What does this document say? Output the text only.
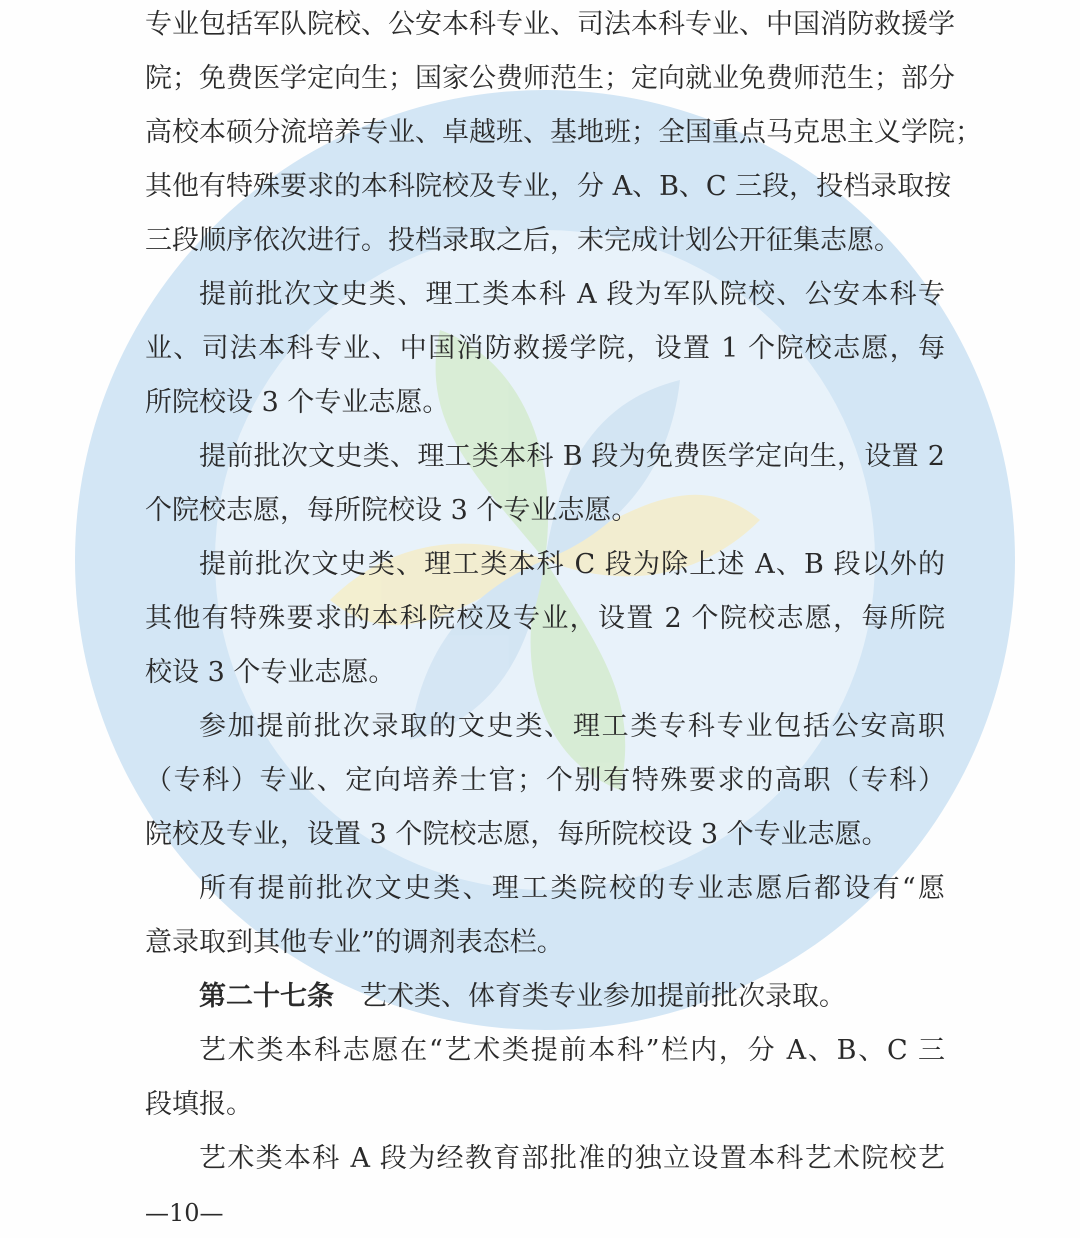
专业包括军队院校、公安本科专业、司法本科专业、中国消防救援学
院；免费医学定向生；国家公费师范生；定向就业免费师范生；部分
高校本硕分流培养专业、卓越班、基地班；全国重点马克思主义学院；
其他有特殊要求的本科院校及专业，分 A、B、C 三段，投档录取按
三段顺序依次进行。投档录取之后，未完成计划公开征集志愿。
提前批次文史类、理工类本科 A 段为军队院校、公安本科专
业、司法本科专业、中国消防救援学院，设置 1 个院校志愿，每
所院校设 3 个专业志愿。
提前批次文史类、理工类本科 B 段为免费医学定向生，设置 2
个院校志愿，每所院校设 3 个专业志愿。
提前批次文史类、理工类本科 C 段为除上述 A、B 段以外的
其他有特殊要求的本科院校及专业，设置 2 个院校志愿，每所院
校设 3 个专业志愿。
参加提前批次录取的文史类、理工类专科专业包括公安高职
（专科）专业、定向培养士官；个别有特殊要求的高职（专科）
院校及专业，设置 3 个院校志愿，每所院校设 3 个专业志愿。
所有提前批次文史类、理工类院校的专业志愿后都设有“愿
意录取到其他专业”的调剂表态栏。
第二十七条 艺术类、体育类专业参加提前批次录取。
艺术类本科志愿在“艺术类提前本科”栏内，分 A、B、C 三
段填报。
艺术类本科 A 段为经教育部批准的独立设置本科艺术院校艺
—10—
